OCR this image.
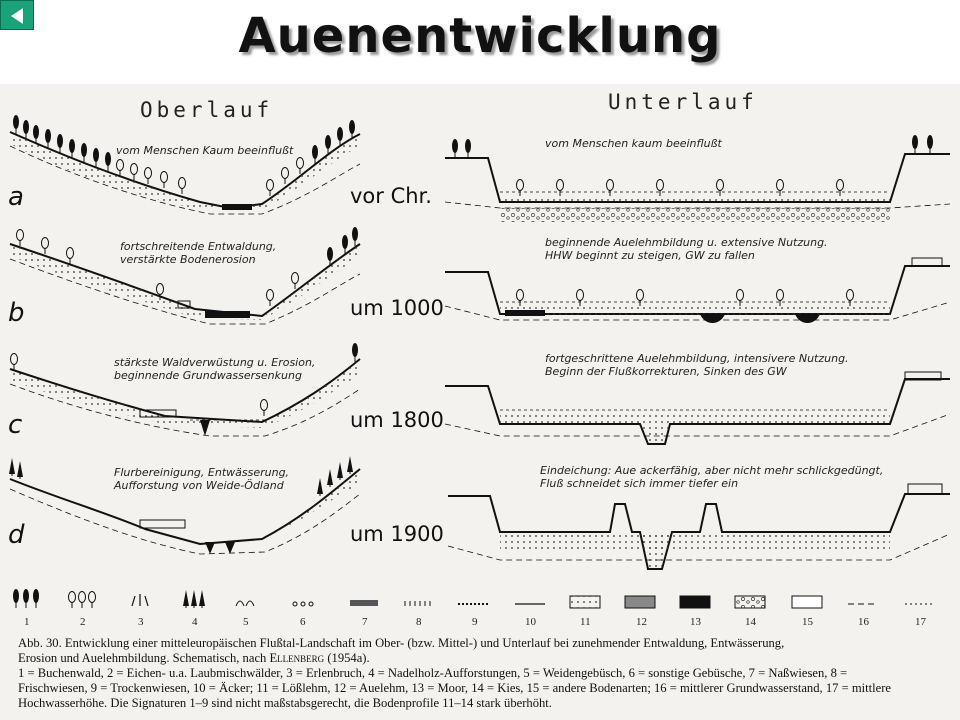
Auenentwicklung
Oberlauf	Unterlauf
a
b
c
d
vor Chr.
um 1000
um 1800
um 1900
vom Menschen Kaum beeinflußt
fortschreitende Entwaldung,
verstärkte Bodenerosion
stärkste Waldverwüstung u. Erosion,
beginnende Grundwassersenkung
Flurbereinigung, Entwässerung,
Aufforstung von Weide-Ödland
vom Menschen kaum beeinflußt
beginnende Auelehmbildung u. extensive Nutzung.
HHW beginnt zu steigen, GW zu fallen
fortgeschrittene Auelehmbildung, intensivere Nutzung.
Beginn der Flußkorrekturen, Sinken des GW
Eindeichung: Aue ackerfähig, aber nicht mehr schlickgedüngt,
Fluß schneidet sich immer tiefer ein
1	2	3	4	5	6	7	8	9	10	11	12	13	14	15	16	17
Abb. 30. Entwicklung einer mitteleuropäischen Flußtal-Landschaft im Ober- (bzw. Mittel-) und Unterlauf bei zunehmender Entwaldung, Entwässerung,
Erosion und Auelehmbildung. Schematisch, nach Ellenberg (1954a).
1 = Buchenwald, 2 = Eichen- u.a. Laubmischwälder, 3 = Erlenbruch, 4 = Nadelholz-Aufforstungen, 5 = Weidengebüsch, 6 = sonstige Gebüsche, 7 = Naßwiesen, 8 =
Frischwiesen, 9 = Trockenwiesen, 10 = Äcker; 11 = Lößlehm, 12 = Auelehm, 13 = Moor, 14 = Kies, 15 = andere Bodenarten; 16 = mittlerer Grundwasserstand, 17 = mittlere
Hochwasserhöhe. Die Signaturen 1–9 sind nicht maßstabsgerecht, die Bodenprofile 11–14 stark überhöht.
